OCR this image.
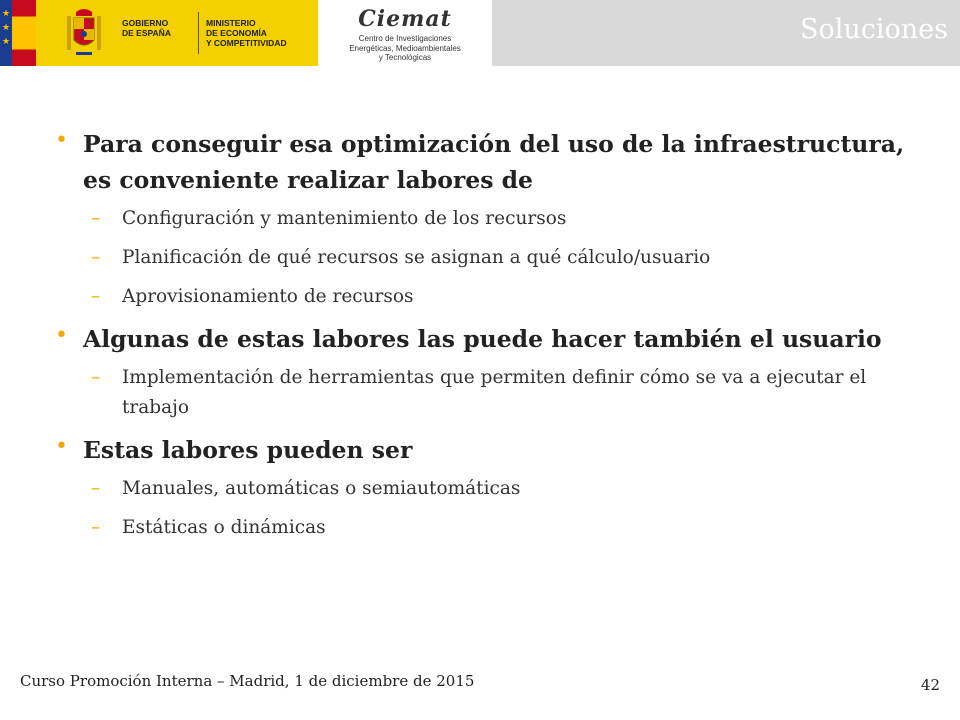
★
★
★
GOBIERNO
DE ESPAÑA
MINISTERIO
DE ECONOMÍA
Y COMPETITIVIDAD
Ciemat
Centro de Investigaciones
Energéticas, Medioambientales
y Tecnológicas
Soluciones
• Para conseguir esa optimización del uso de la infraestructura, es conveniente realizar labores de
– Configuración y mantenimiento de los recursos
– Planificación de qué recursos se asignan a qué cálculo/usuario
– Aprovisionamiento de recursos
• Algunas de estas labores las puede hacer también el usuario
– Implementación de herramientas que permiten definir cómo se va a ejecutar el trabajo
• Estas labores pueden ser
– Manuales, automáticas o semiautomáticas
– Estáticas o dinámicas
Curso Promoción Interna – Madrid, 1 de diciembre de 2015	42
